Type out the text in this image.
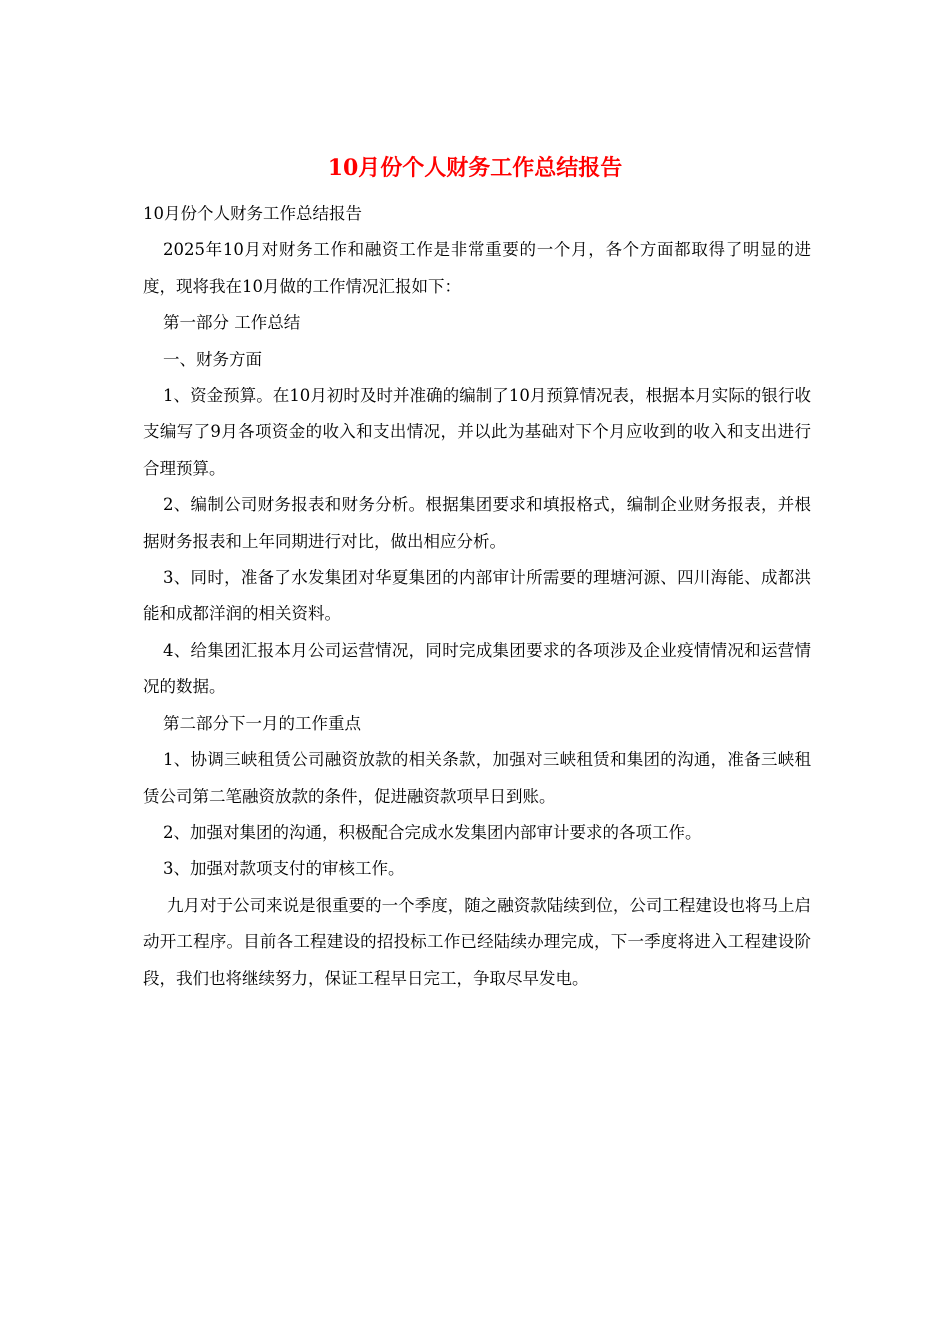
10月份个人财务工作总结报告

10月份个人财务工作总结报告

2025年10月对财务工作和融资工作是非常重要的一个月，各个方面都取得了明显的进度，现将我在10月做的工作情况汇报如下：

第一部分 工作总结

一、财务方面

1、资金预算。在10月初时及时并准确的编制了10月预算情况表，根据本月实际的银行收支编写了9月各项资金的收入和支出情况，并以此为基础对下个月应收到的收入和支出进行合理预算。

2、编制公司财务报表和财务分析。根据集团要求和填报格式，编制企业财务报表，并根据财务报表和上年同期进行对比，做出相应分析。

3、同时，准备了水发集团对华夏集团的内部审计所需要的理塘河源、四川海能、成都洪能和成都洋润的相关资料。

4、给集团汇报本月公司运营情况，同时完成集团要求的各项涉及企业疫情情况和运营情况的数据。

第二部分下一月的工作重点

1、协调三峡租赁公司融资放款的相关条款，加强对三峡租赁和集团的沟通，准备三峡租赁公司第二笔融资放款的条件，促进融资款项早日到账。

2、加强对集团的沟通，积极配合完成水发集团内部审计要求的各项工作。

3、加强对款项支付的审核工作。

九月对于公司来说是很重要的一个季度，随之融资款陆续到位，公司工程建设也将马上启动开工程序。目前各工程建设的招投标工作已经陆续办理完成，下一季度将进入工程建设阶段，我们也将继续努力，保证工程早日完工，争取尽早发电。
